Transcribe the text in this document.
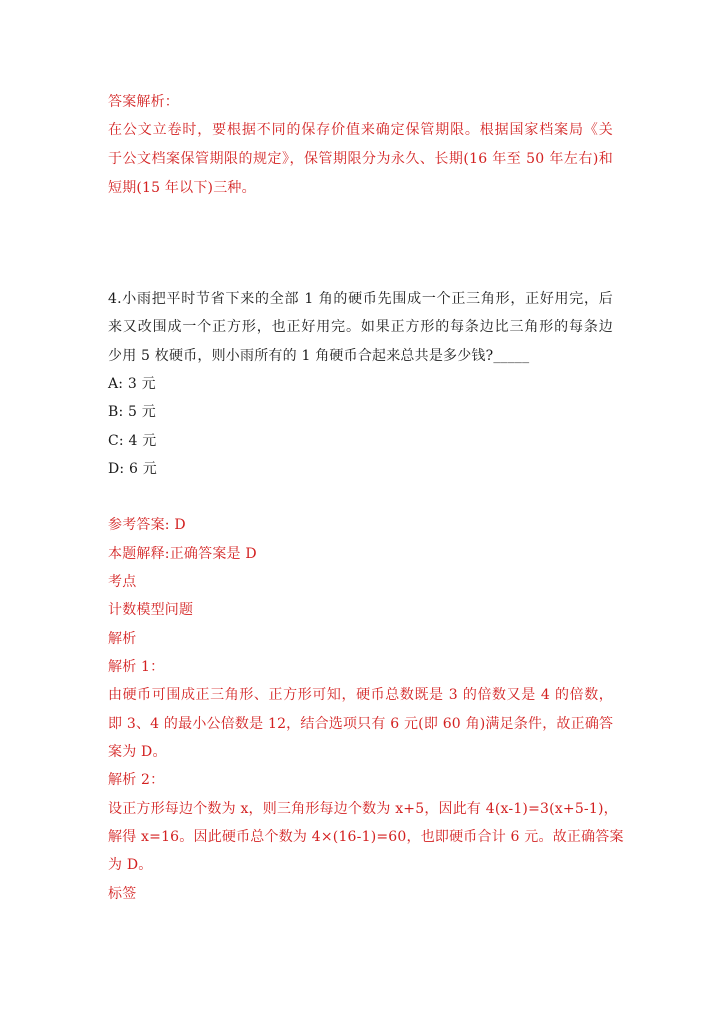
答案解析：
在公文立卷时，要根据不同的保存价值来确定保管期限。根据国家档案局《关
于公文档案保管期限的规定》，保管期限分为永久、长期(16 年至 50 年左右)和
短期(15 年以下)三种。
4.小雨把平时节省下来的全部 1 角的硬币先围成一个正三角形，正好用完，后
来又改围成一个正方形，也正好用完。如果正方形的每条边比三角形的每条边
少用 5 枚硬币，则小雨所有的 1 角硬币合起来总共是多少钱?_____
A: 3 元
B: 5 元
C: 4 元
D: 6 元
参考答案: D
本题解释:正确答案是 D
考点
计数模型问题
解析
解析 1：
由硬币可围成正三角形、正方形可知，硬币总数既是 3 的倍数又是 4 的倍数，
即 3、4 的最小公倍数是 12，结合选项只有 6 元(即 60 角)满足条件，故正确答
案为 D。
解析 2：
设正方形每边个数为 x，则三角形每边个数为 x+5，因此有 4(x-1)=3(x+5-1)，
解得 x=16。因此硬币总个数为 4×(16-1)=60，也即硬币合计 6 元。故正确答案
为 D。
标签
